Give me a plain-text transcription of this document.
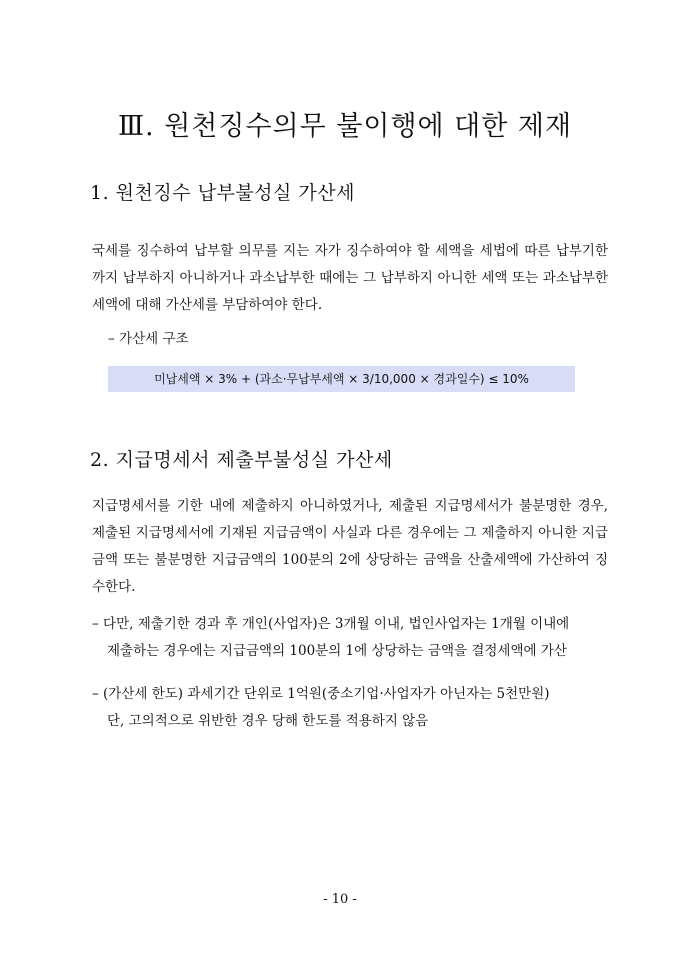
Ⅲ. 원천징수의무 불이행에 대한 제재
1. 원천징수 납부불성실 가산세
국세를 징수하여 납부할 의무를 지는 자가 징수하여야 할 세액을 세법에 따른 납부기한까지 납부하지 아니하거나 과소납부한 때에는 그 납부하지 아니한 세액 또는 과소납부한 세액에 대해 가산세를 부담하여야 한다.
– 가산세 구조
미납세액 × 3% + (과소·무납부세액 × 3/10,000 × 경과일수) ≤ 10%
2. 지급명세서 제출부불성실 가산세
지급명세서를 기한 내에 제출하지 아니하였거나, 제출된 지급명세서가 불분명한 경우, 제출된 지급명세서에 기재된 지급금액이 사실과 다른 경우에는 그 제출하지 아니한 지급금액 또는 불분명한 지급금액의 100분의 2에 상당하는 금액을 산출세액에 가산하여 징수한다.
– 다만, 제출기한 경과 후 개인(사업자)은 3개월 이내, 법인사업자는 1개월 이내에
제출하는 경우에는 지급금액의 100분의 1에 상당하는 금액을 결정세액에 가산
– (가산세 한도) 과세기간 단위로 1억원(중소기업·사업자가 아닌자는 5천만원)
단, 고의적으로 위반한 경우 당해 한도를 적용하지 않음
- 10 -
